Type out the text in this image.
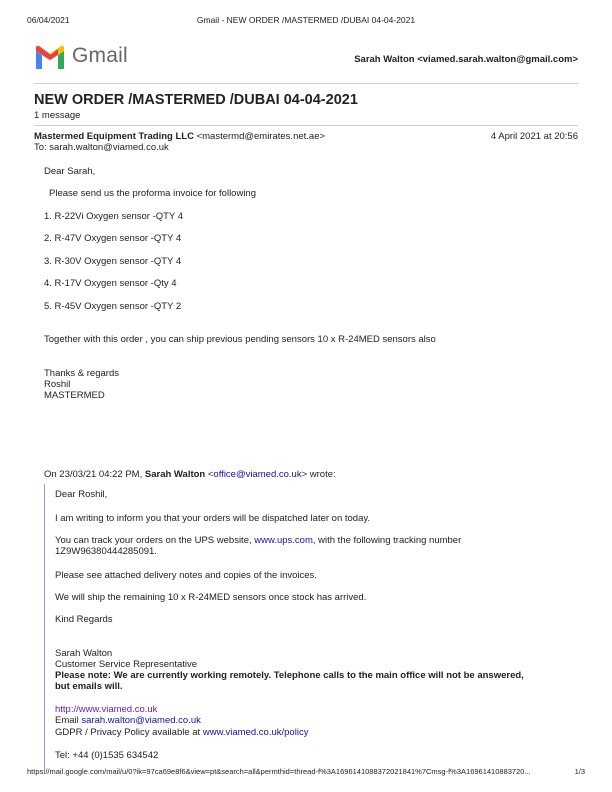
06/04/2021	Gmail - NEW ORDER /MASTERMED /DUBAI 04-04-2021
Gmail	Sarah Walton <viamed.sarah.walton@gmail.com>
NEW ORDER /MASTERMED /DUBAI 04-04-2021
1 message
Mastermed Equipment Trading LLC <mastermd@emirates.net.ae>	4 April 2021 at 20:56
To: sarah.walton@viamed.co.uk
Dear Sarah,
Please send us the proforma invoice for following
1. R-22Vi Oxygen sensor -QTY 4
2. R-47V Oxygen sensor -QTY 4
3. R-30V Oxygen sensor -QTY 4
4. R-17V Oxygen sensor -Qty 4
5. R-45V Oxygen sensor -QTY 2
Together with this order , you can ship previous pending sensors 10 x R-24MED sensors also
Thanks & regards
Roshil
MASTERMED
On 23/03/21 04:22 PM, Sarah Walton <office@viamed.co.uk> wrote:
Dear Roshil,
I am writing to inform you that your orders will be dispatched later on today.
You can track your orders on the UPS website, www.ups.com, with the following tracking number
1Z9W96380444285091.
Please see attached delivery notes and copies of the invoices.
We will ship the remaining 10 x R-24MED sensors once stock has arrived.
Kind Regards
Sarah Walton
Customer Service Representative
Please note: We are currently working remotely. Telephone calls to the main office will not be answered,
but emails will.
http://www.viamed.co.uk
Email sarah.walton@viamed.co.uk
GDPR / Privacy Policy available at www.viamed.co.uk/policy
Tel: +44 (0)1535 634542
https://mail.google.com/mail/u/0?ik=97ca69e8f6&view=pt&search=all&permthid=thread-f%3A1696141088372021841%7Cmsg-f%3A16961410883720...	1/3
